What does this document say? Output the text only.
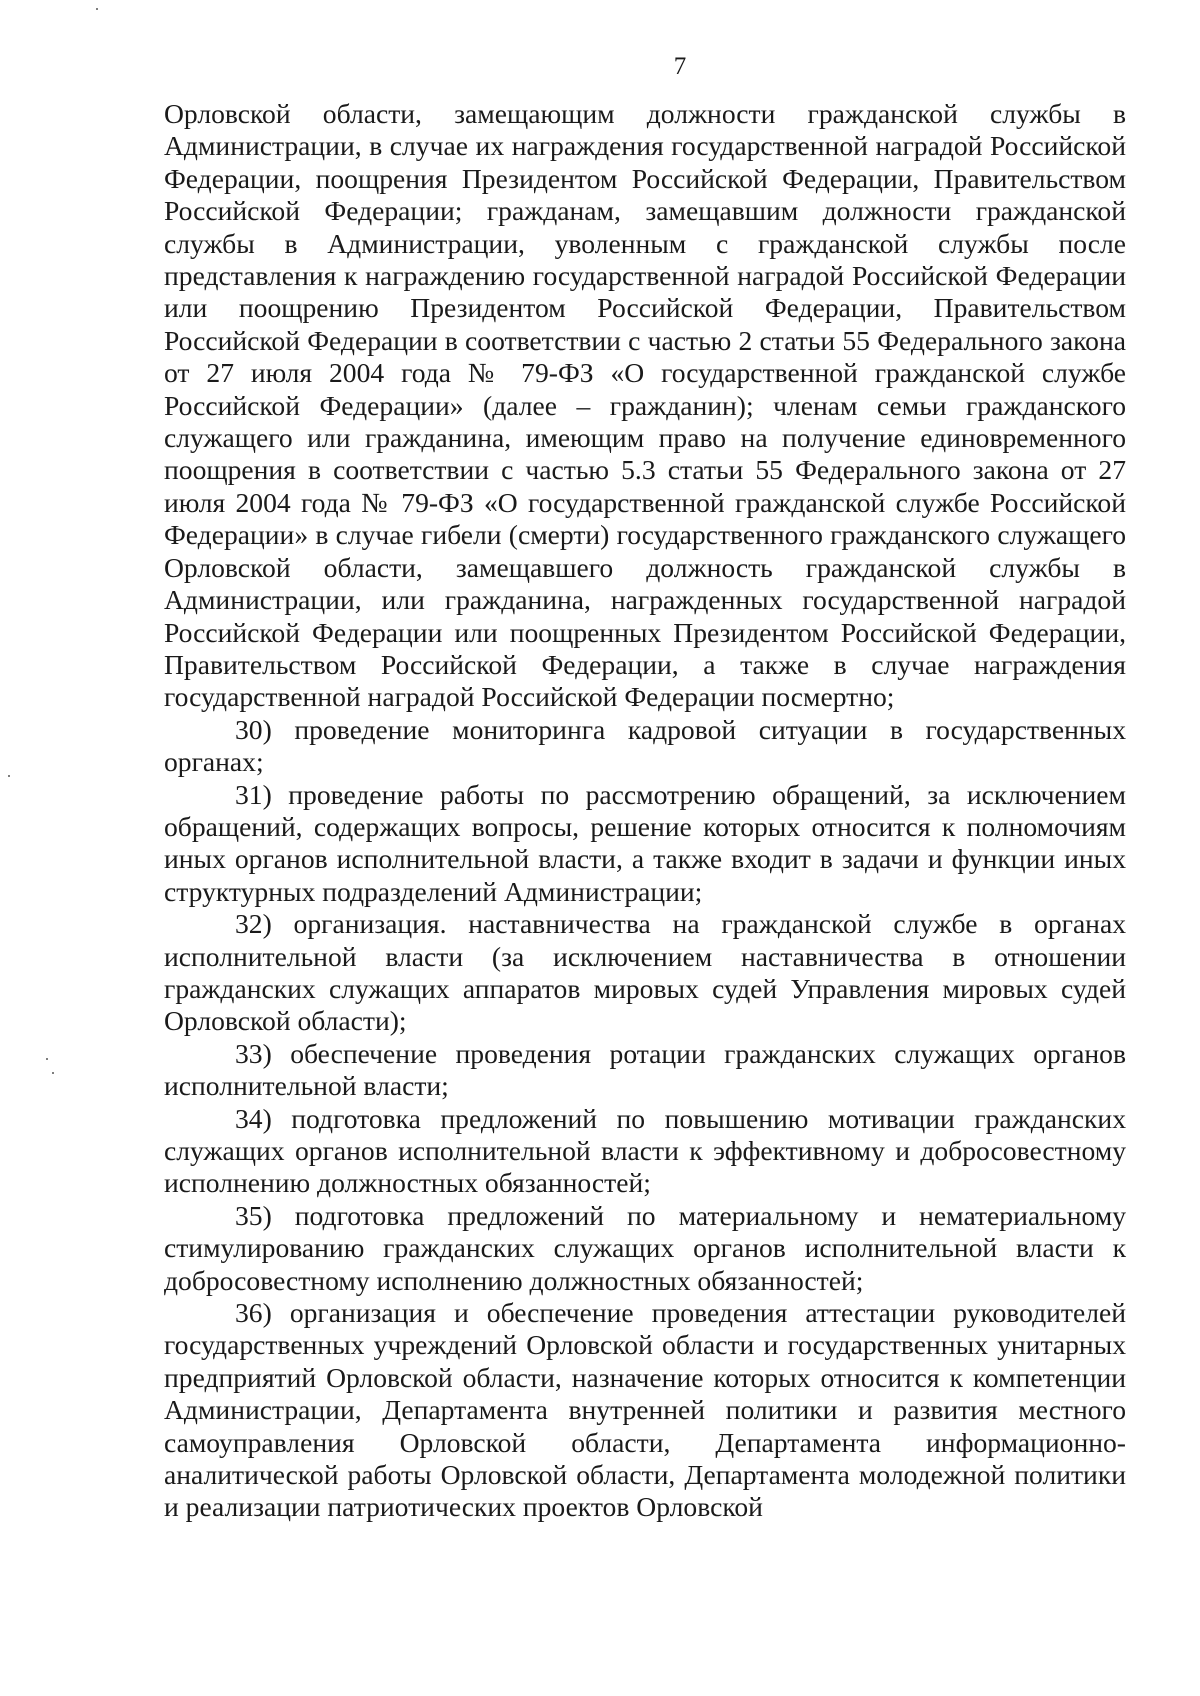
7

Орловской области, замещающим должности гражданской службы в Администрации, в случае их награждения государственной наградой Российской Федерации, поощрения Президентом Российской Федерации, Правительством Российской Федерации; гражданам, замещавшим должности гражданской службы в Администрации, уволенным с гражданской службы после представления к награждению государственной наградой Российской Федерации или поощрению Президентом Российской Федерации, Правительством Российской Федерации в соответствии с частью 2 статьи 55 Федерального закона от 27 июля 2004 года № 79-ФЗ «О государственной гражданской службе Российской Федерации» (далее – гражданин); членам семьи гражданского служащего или гражданина, имеющим право на получение единовременного поощрения в соответствии с частью 5.3 статьи 55 Федерального закона от 27 июля 2004 года № 79-ФЗ «О государственной гражданской службе Российской Федерации» в случае гибели (смерти) государственного гражданского служащего Орловской области, замещавшего должность гражданской службы в Администрации, или гражданина, награжденных государственной наградой Российской Федерации или поощренных Президентом Российской Федерации, Правительством Российской Федерации, а также в случае награждения государственной наградой Российской Федерации посмертно;

30) проведение мониторинга кадровой ситуации в государственных органах;

31) проведение работы по рассмотрению обращений, за исключением обращений, содержащих вопросы, решение которых относится к полномочиям иных органов исполнительной власти, а также входит в задачи и функции иных структурных подразделений Администрации;

32) организация. наставничества на гражданской службе в органах исполнительной власти (за исключением наставничества в отношении гражданских служащих аппаратов мировых судей Управления мировых судей Орловской области);

33) обеспечение проведения ротации гражданских служащих органов исполнительной власти;

34) подготовка предложений по повышению мотивации гражданских служащих органов исполнительной власти к эффективному и добросовестному исполнению должностных обязанностей;

35) подготовка предложений по материальному и нематериальному стимулированию гражданских служащих органов исполнительной власти к добросовестному исполнению должностных обязанностей;

36) организация и обеспечение проведения аттестации руководителей государственных учреждений Орловской области и государственных унитарных предприятий Орловской области, назначение которых относится к компетенции Администрации, Департамента внутренней политики и развития местного самоуправления Орловской области, Департамента информационно-аналитической работы Орловской области, Департамента молодежной политики и реализации патриотических проектов Орловской
